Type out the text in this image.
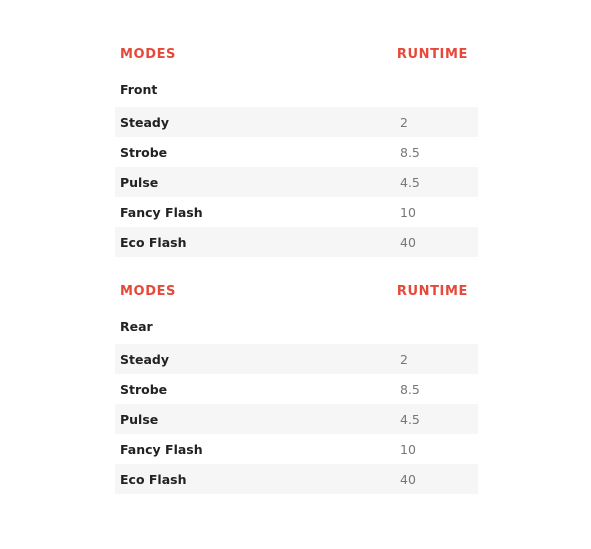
MODES	RUNTIME
Front
Steady	2
Strobe	8.5
Pulse	4.5
Fancy Flash	10
Eco Flash	40
MODES	RUNTIME
Rear
Steady	2
Strobe	8.5
Pulse	4.5
Fancy Flash	10
Eco Flash	40
